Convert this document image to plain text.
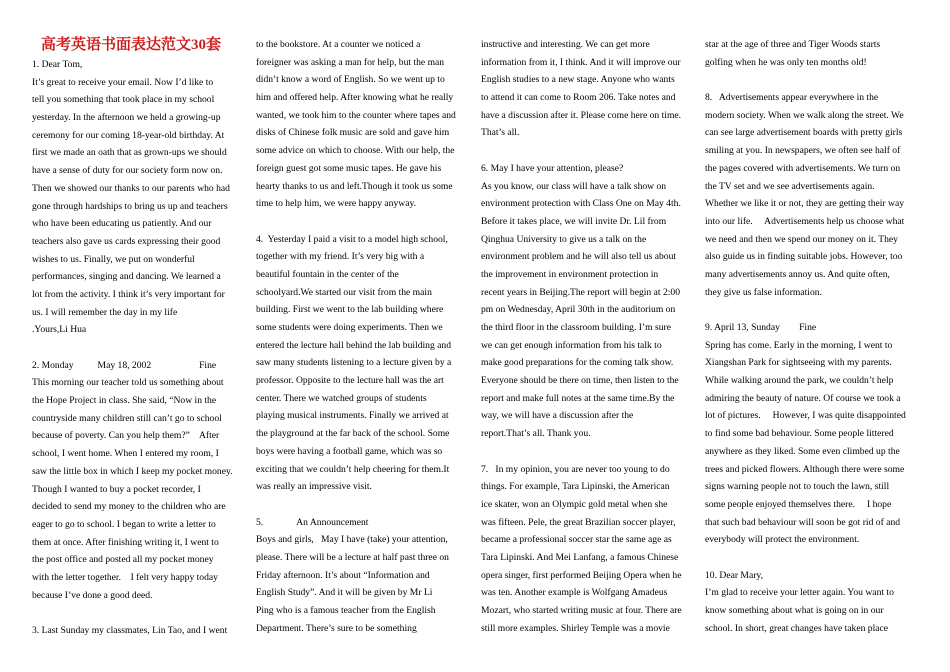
高考英语书面表达范文30套
1. Dear Tom,
It’s great to receive your email. Now I’d like to
tell you something that took place in my school
yesterday. In the afternoon we held a growing-up
ceremony for our coming 18-year-old birthday. At
first we made an oath that as grown-ups we should
have a sense of duty for our society form now on.
Then we showed our thanks to our parents who had
gone through hardships to bring us up and teachers
who have been educating us patiently. And our
teachers also gave us cards expressing their good
wishes to us. Finally, we put on wonderful
performances, singing and dancing. We learned a
lot from the activity. I think it’s very important for
us. I will remember the day in my life
.Yours,Li Hua
2. Monday          May 18, 2002                    Fine
This morning our teacher told us something about
the Hope Project in class. She said, “Now in the
countryside many children still can’t go to school
because of poverty. Can you help them?”    After
school, I went home. When I entered my room, I
saw the little box in which I keep my pocket money.
Though I wanted to buy a pocket recorder, I
decided to send my money to the children who are
eager to go to school. I began to write a letter to
them at once. After finishing writing it, I went to
the post office and posted all my pocket money
with the letter together.    I felt very happy today
because I’ve done a good deed.
3. Last Sunday my classmates, Lin Tao, and I went
to the bookstore. At a counter we noticed a
foreigner was asking a man for help, but the man
didn’t know a word of English. So we went up to
him and offered help. After knowing what he really
wanted, we took him to the counter where tapes and
disks of Chinese folk music are sold and gave him
some advice on which to choose. With our help, the
foreign guest got some music tapes. He gave his
hearty thanks to us and left.Though it took us some
time to help him, we were happy anyway.
4.  Yesterday I paid a visit to a model high school,
together with my friend. It’s very big with a
beautiful fountain in the center of the
schoolyard.We started our visit from the main
building. First we went to the lab building where
some students were doing experiments. Then we
entered the lecture hall behind the lab building and
saw many students listening to a lecture given by a
professor. Opposite to the lecture hall was the art
center. There we watched groups of students
playing musical instruments. Finally we arrived at
the playground at the far back of the school. Some
boys were having a football game, which was so
exciting that we couldn’t help cheering for them.It
was really an impressive visit.
5.              An Announcement
Boys and girls,   May I have (take) your attention,
please. There will be a lecture at half past three on
Friday afternoon. It’s about “Information and
English Study”. And it will be given by Mr Li
Ping who is a famous teacher from the English
Department. There’s sure to be something
instructive and interesting. We can get more
information from it, I think. And it will improve our
English studies to a new stage. Anyone who wants
to attend it can come to Room 206. Take notes and
have a discussion after it. Please come here on time.
That’s all.
6. May I have your attention, please?
As you know, our class will have a talk show on
environment protection with Class One on May 4th.
Before it takes place, we will invite Dr. Lil from
Qinghua University to give us a talk on the
environment problem and he will also tell us about
the improvement in environment protection in
recent years in Beijing.The report will begin at 2:00
pm on Wednesday, April 30th in the auditorium on
the third floor in the classroom building. I’m sure
we can get enough information from his talk to
make good preparations for the coming talk show.
Everyone should be there on time, then listen to the
report and make full notes at the same time.By the
way, we will have a discussion after the
report.That’s all. Thank you.
7.   In my opinion, you are never too young to do
things. For example, Tara Lipinski, the American
ice skater, won an Olympic gold metal when she
was fifteen. Pele, the great Brazilian soccer player,
became a professional soccer star the same age as
Tara Lipinski. And Mei Lanfang, a famous Chinese
opera singer, first performed Beijing Opera when he
was ten. Another example is Wolfgang Amadeus
Mozart, who started writing music at four. There are
still more examples. Shirley Temple was a movie
star at the age of three and Tiger Woods starts
golfing when he was only ten months old!
8.   Advertisements appear everywhere in the
modern society. When we walk along the street. We
can see large advertisement boards with pretty girls
smiling at you. In newspapers, we often see half of
the pages covered with advertisements. We turn on
the TV set and we see advertisements again.
Whether we like it or not, they are getting their way
into our life.     Advertisements help us choose what
we need and then we spend our money on it. They
also guide us in finding suitable jobs. However, too
many advertisements annoy us. And quite often,
they give us false information.
9. April 13, Sunday        Fine
Spring has come. Early in the morning, I went to
Xiangshan Park for sightseeing with my parents.
While walking around the park, we couldn’t help
admiring the beauty of nature. Of course we took a
lot of pictures.     However, I was quite disappointed
to find some bad behaviour. Some people littered
anywhere as they liked. Some even climbed up the
trees and picked flowers. Although there were some
signs warning people not to touch the lawn, still
some people enjoyed themselves there.     I hope
that such bad behaviour will soon be got rid of and
everybody will protect the environment.
10. Dear Mary,
I’m glad to receive your letter again. You want to
know something about what is going on in our
school. In short, great changes have taken place
